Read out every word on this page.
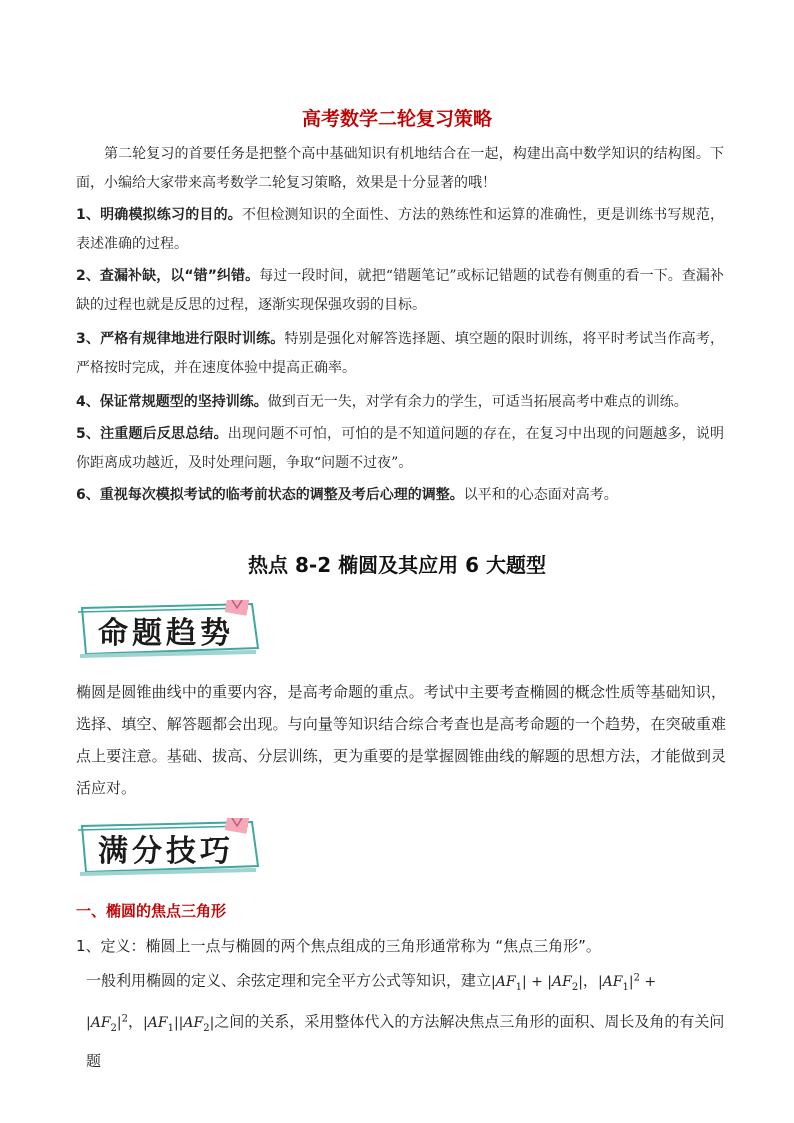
高考数学二轮复习策略

第二轮复习的首要任务是把整个高中基础知识有机地结合在一起，构建出高中数学知识的结构图。下面，小编给大家带来高考数学二轮复习策略，效果是十分显著的哦！

1、明确模拟练习的目的。不但检测知识的全面性、方法的熟练性和运算的准确性，更是训练书写规范，表述准确的过程。

2、查漏补缺，以“错”纠错。每过一段时间，就把“错题笔记”或标记错题的试卷有侧重的看一下。查漏补缺的过程也就是反思的过程，逐渐实现保强攻弱的目标。

3、严格有规律地进行限时训练。特别是强化对解答选择题、填空题的限时训练，将平时考试当作高考，严格按时完成，并在速度体验中提高正确率。

4、保证常规题型的坚持训练。做到百无一失，对学有余力的学生，可适当拓展高考中难点的训练。

5、注重题后反思总结。出现问题不可怕，可怕的是不知道问题的存在，在复习中出现的问题越多，说明你距离成功越近，及时处理问题，争取“问题不过夜”。

6、重视每次模拟考试的临考前状态的调整及考后心理的调整。以平和的心态面对高考。

热点 8-2 椭圆及其应用 6 大题型
命题趋势

椭圆是圆锥曲线中的重要内容，是高考命题的重点。考试中主要考查椭圆的概念性质等基础知识，选择、填空、解答题都会出现。与向量等知识结合综合考查也是高考命题的一个趋势，在突破重难点上要注意。基础、拔高、分层训练，更为重要的是掌握圆锥曲线的解题的思想方法，才能做到灵活应对。

满分技巧
一、椭圆的焦点三角形

1、定义：椭圆上一点与椭圆的两个焦点组成的三角形通常称为 “焦点三角形”。

一般利用椭圆的定义、余弦定理和完全平方公式等知识，建立$|AF_1| + |AF_2|$，$|AF_1|^2 + |AF_2|^2$，$|AF_1||AF_2|$之间的关系，采用整体代入的方法解决焦点三角形的面积、周长及角的有关问题
